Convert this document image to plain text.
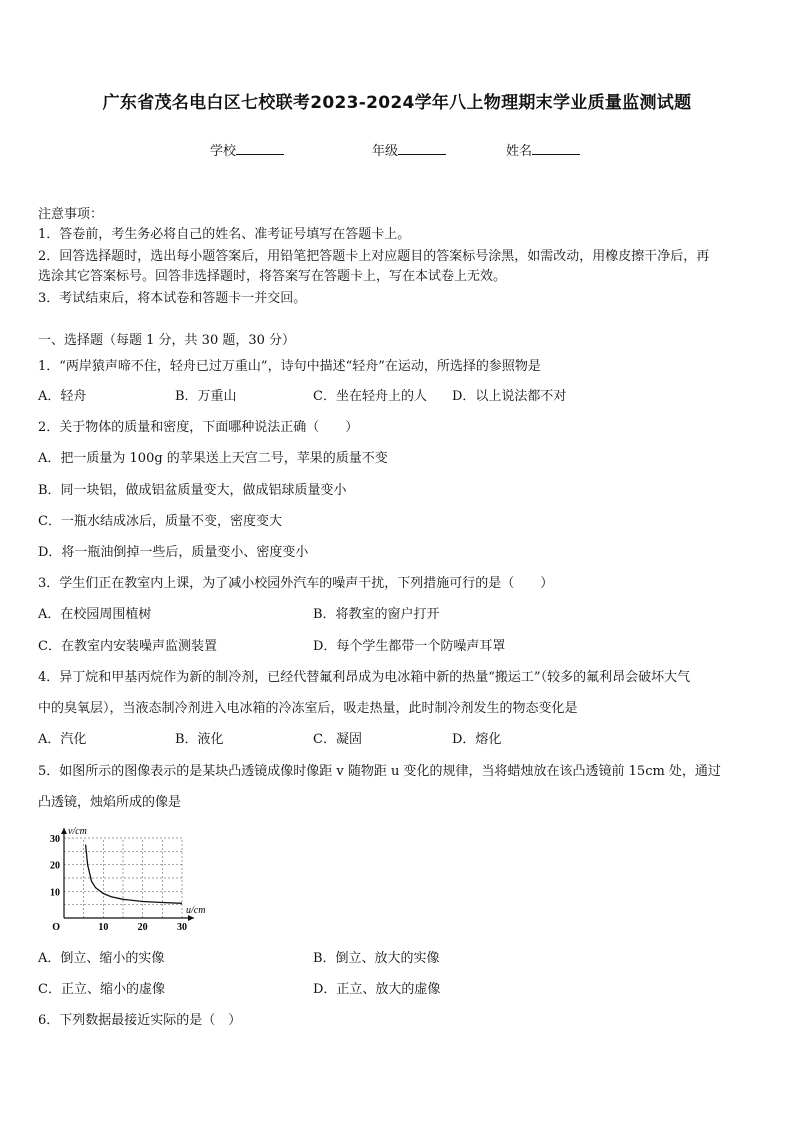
广东省茂名电白区七校联考2023-2024学年八上物理期末学业质量监测试题
学校	年级	姓名
注意事项：
1．答卷前，考生务必将自己的姓名、准考证号填写在答题卡上。
2．回答选择题时，选出每小题答案后，用铅笔把答题卡上对应题目的答案标号涂黑，如需改动，用橡皮擦干净后，再
选涂其它答案标号。回答非选择题时，将答案写在答题卡上，写在本试卷上无效。
3．考试结束后，将本试卷和答题卡一并交回。
一、选择题（每题 1 分，共 30 题，30 分）
1．“两岸猿声啼不住，轻舟已过万重山”，诗句中描述“轻舟”在运动，所选择的参照物是
A．轻舟	B．万重山	C．坐在轻舟上的人 D．以上说法都不对
2．关于物体的质量和密度，下面哪种说法正确（　　）
A．把一质量为 100g 的苹果送上天宫二号，苹果的质量不变
B．同一块铝，做成铝盆质量变大，做成铝球质量变小
C．一瓶水结成冰后，质量不变，密度变大
D．将一瓶油倒掉一些后，质量变小、密度变小
3．学生们正在教室内上课，为了减小校园外汽车的噪声干扰，下列措施可行的是（　　）
A．在校园周围植树	B．将教室的窗户打开
C．在教室内安装噪声监测装置	D．每个学生都带一个防噪声耳罩
4．异丁烷和甲基丙烷作为新的制冷剂，已经代替氟利昂成为电冰箱中新的热量“搬运工”（较多的氟利昂会破坏大气
中的臭氧层），当液态制冷剂进入电冰箱的冷冻室后，吸走热量，此时制冷剂发生的物态变化是
A．汽化	B．液化	C．凝固	D．熔化
5．如图所示的图像表示的是某块凸透镜成像时像距 v 随物距 u 变化的规律，当将蜡烛放在该凸透镜前 15cm 处，通过
凸透镜，烛焰所成的像是
u/cm
v/cm
10	20	30
10
20
30
O
A．倒立、缩小的实像	B．倒立、放大的实像
C．正立、缩小的虚像	D．正立、放大的虚像
6．下列数据最接近实际的是（　）
